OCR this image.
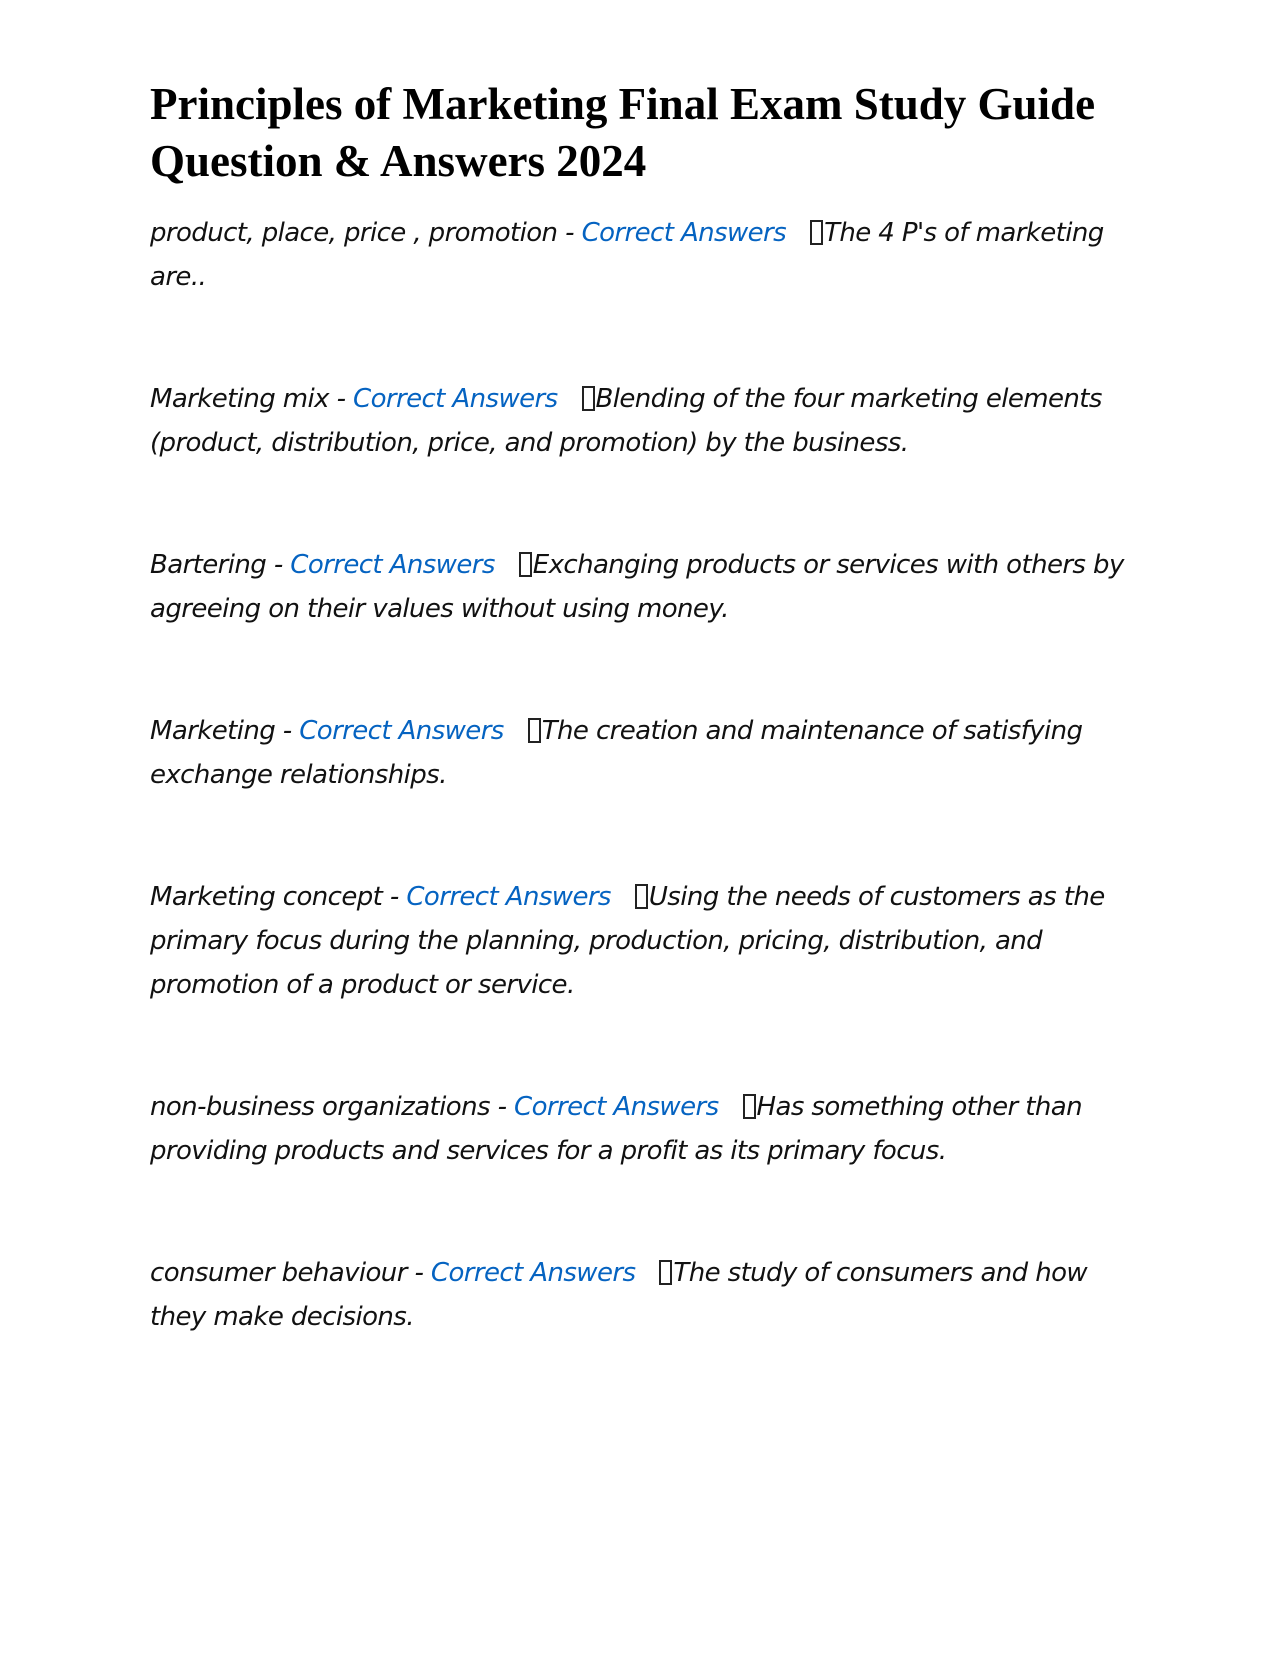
Principles of Marketing Final Exam Study Guide Question & Answers 2024

product, place, price , promotion - Correct Answers The 4 P's of marketing are..

Marketing mix - Correct Answers Blending of the four marketing elements (product, distribution, price, and promotion) by the business.

Bartering - Correct Answers Exchanging products or services with others by agreeing on their values without using money.

Marketing - Correct Answers The creation and maintenance of satisfying exchange relationships.

Marketing concept - Correct Answers Using the needs of customers as the primary focus during the planning, production, pricing, distribution, and promotion of a product or service.

non-business organizations - Correct Answers Has something other than providing products and services for a profit as its primary focus.

consumer behaviour - Correct Answers The study of consumers and how they make decisions.
